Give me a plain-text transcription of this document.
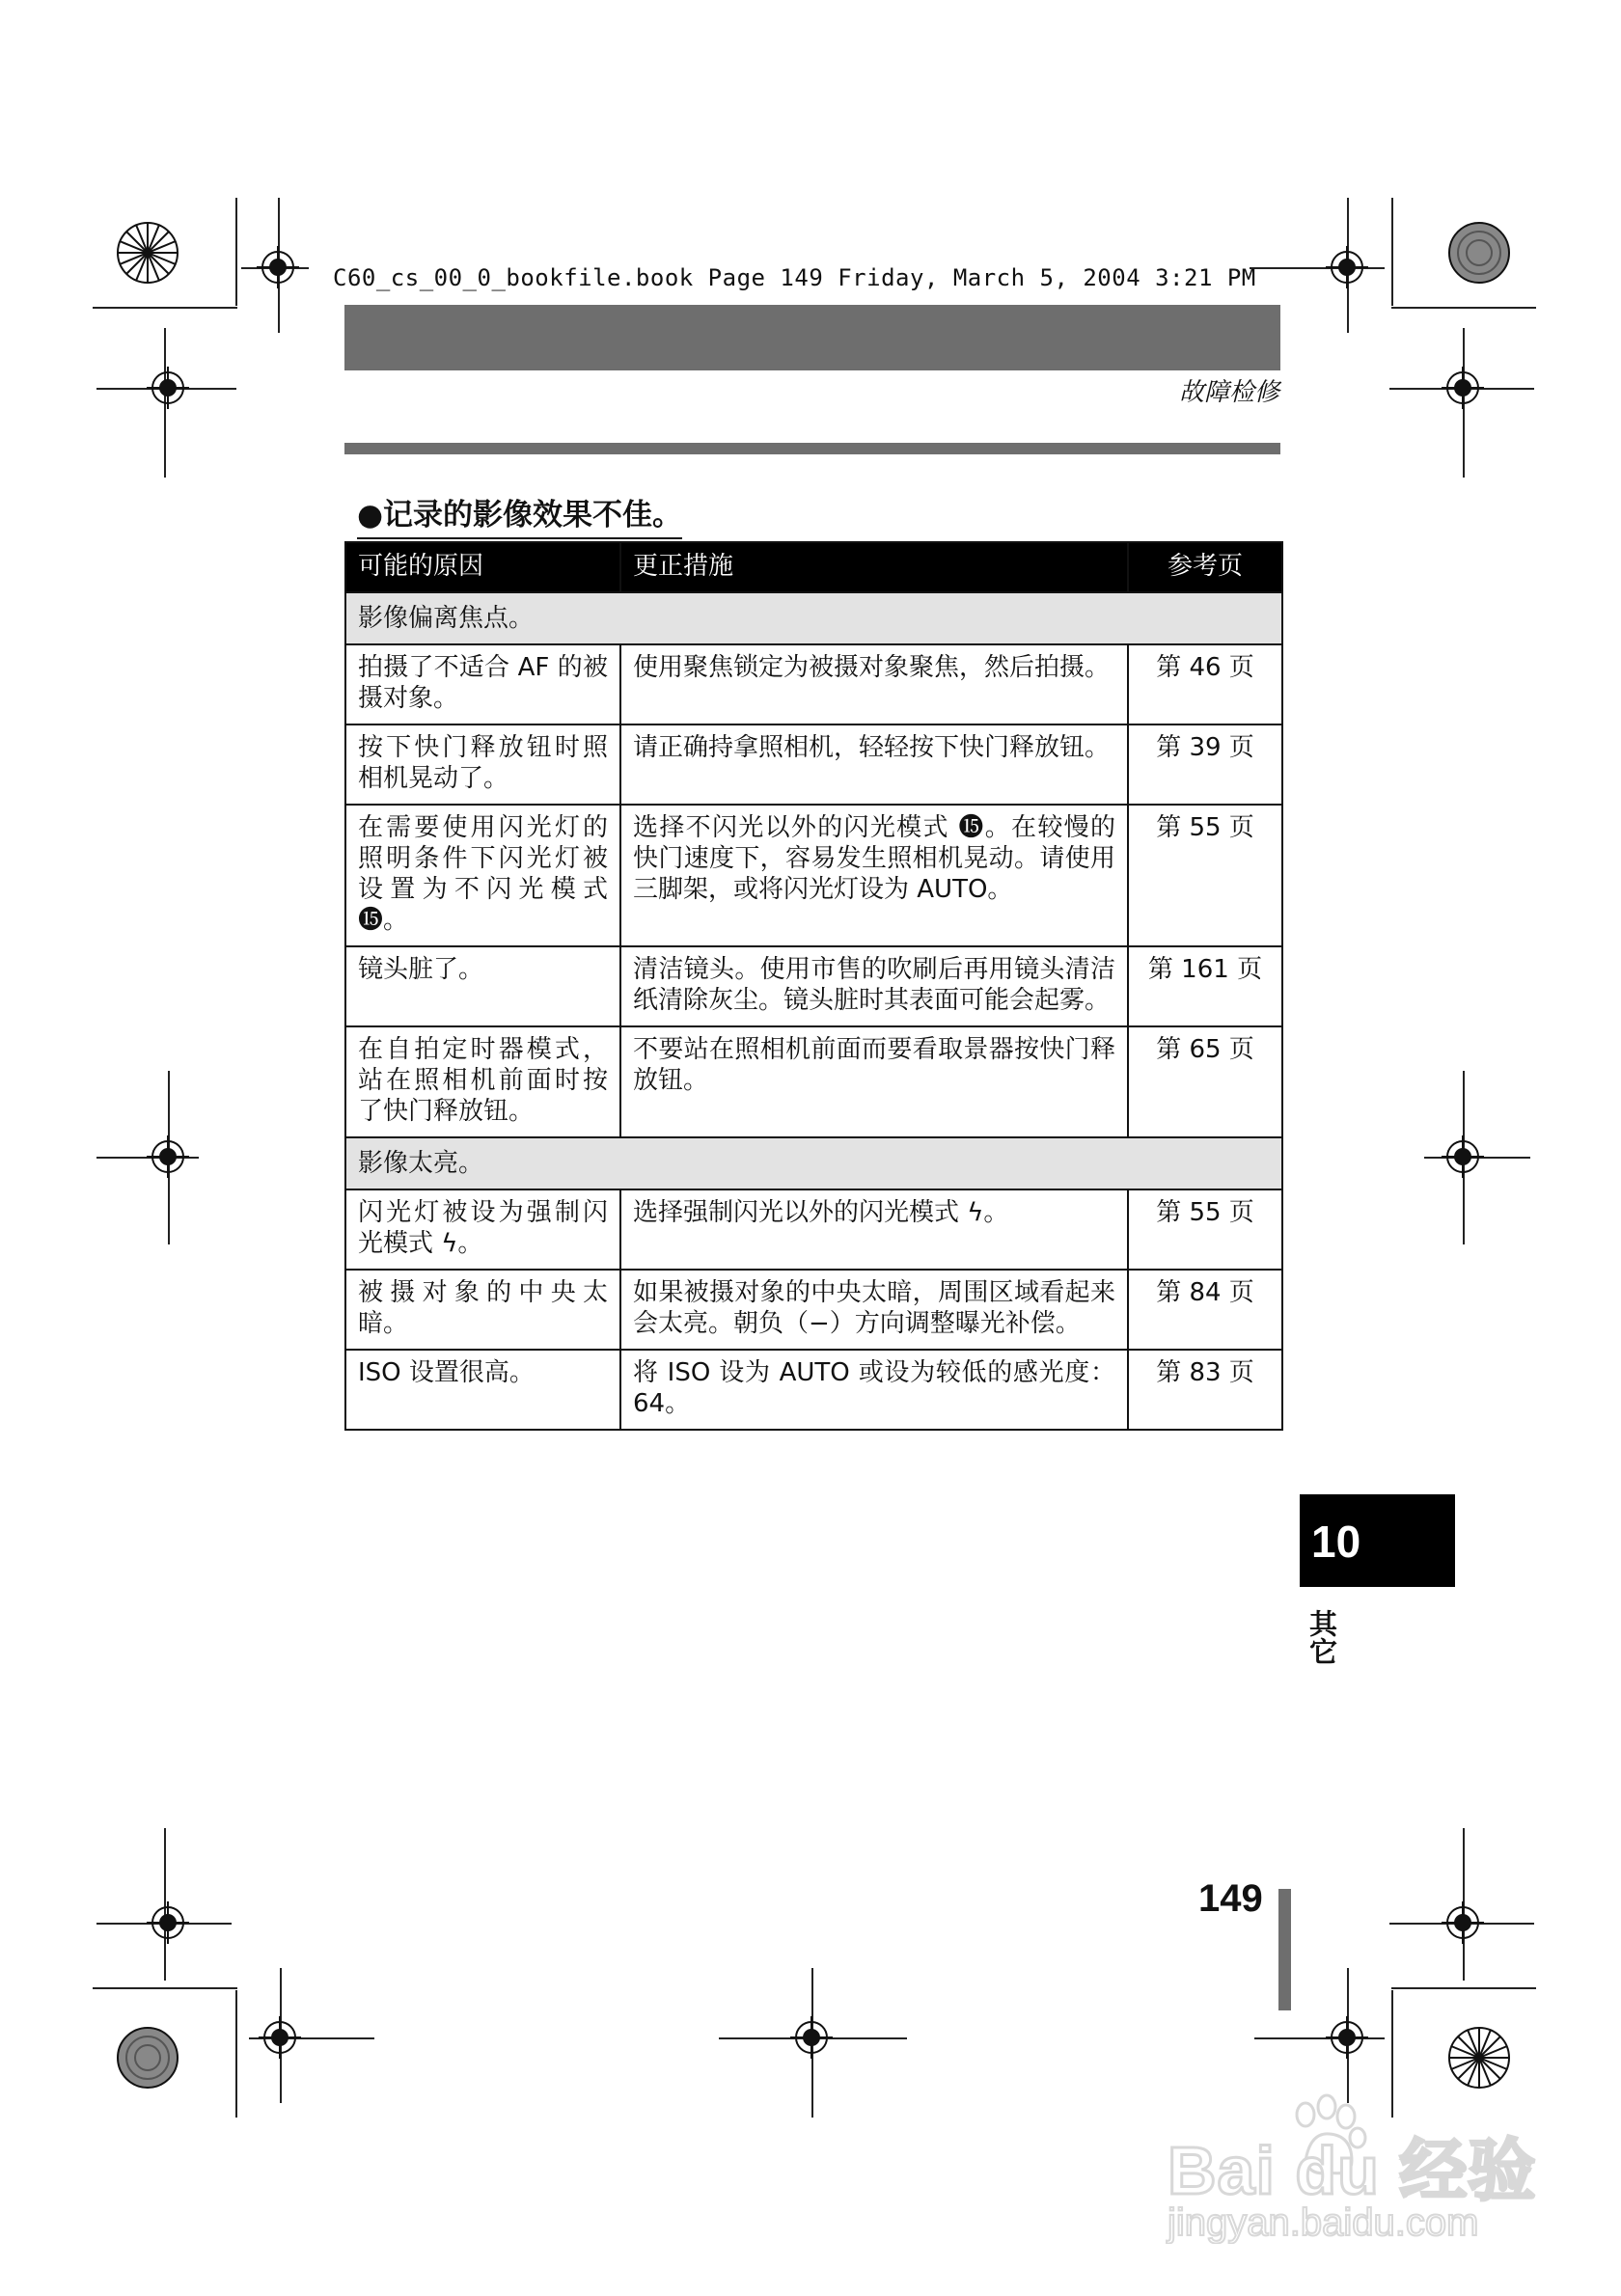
C60_cs_00_0_bookfile.book Page 149 Friday, March 5, 2004 3:21 PM
故障检修
●记录的影像效果不佳。
可能的原因	更正措施	参考页
影像偏离焦点。		
拍摄了不适合 AF 的被摄对象。	使用聚焦锁定为被摄对象聚焦，然后拍摄。	第 46 页
按下快门释放钮时照相机晃动了。	请正确持拿照相机，轻轻按下快门释放钮。	第 39 页
在需要使用闪光灯的照明条件下闪光灯被设置为不闪光模式 ⓯。	选择不闪光以外的闪光模式 ⓯。在较慢的快门速度下，容易发生照相机晃动。请使用三脚架，或将闪光灯设为 AUTO。	第 55 页
镜头脏了。	清洁镜头。使用市售的吹刷后再用镜头清洁纸清除灰尘。镜头脏时其表面可能会起雾。	第 161 页
在自拍定时器模式，站在照相机前面时按了快门释放钮。	不要站在照相机前面而要看取景器按快门释放钮。	第 65 页
影像太亮。		
闪光灯被设为强制闪光模式 ϟ。	选择强制闪光以外的闪光模式 ϟ。	第 55 页
被摄对象的中央太暗。	如果被摄对象的中央太暗，周围区域看起来会太亮。朝负（−）方向调整曝光补偿。	第 84 页
ISO 设置很高。	将 ISO 设为 AUTO 或设为较低的感光度：64。	第 83 页
10
其它
149
Bai du 经验
jingyan.baidu.com
